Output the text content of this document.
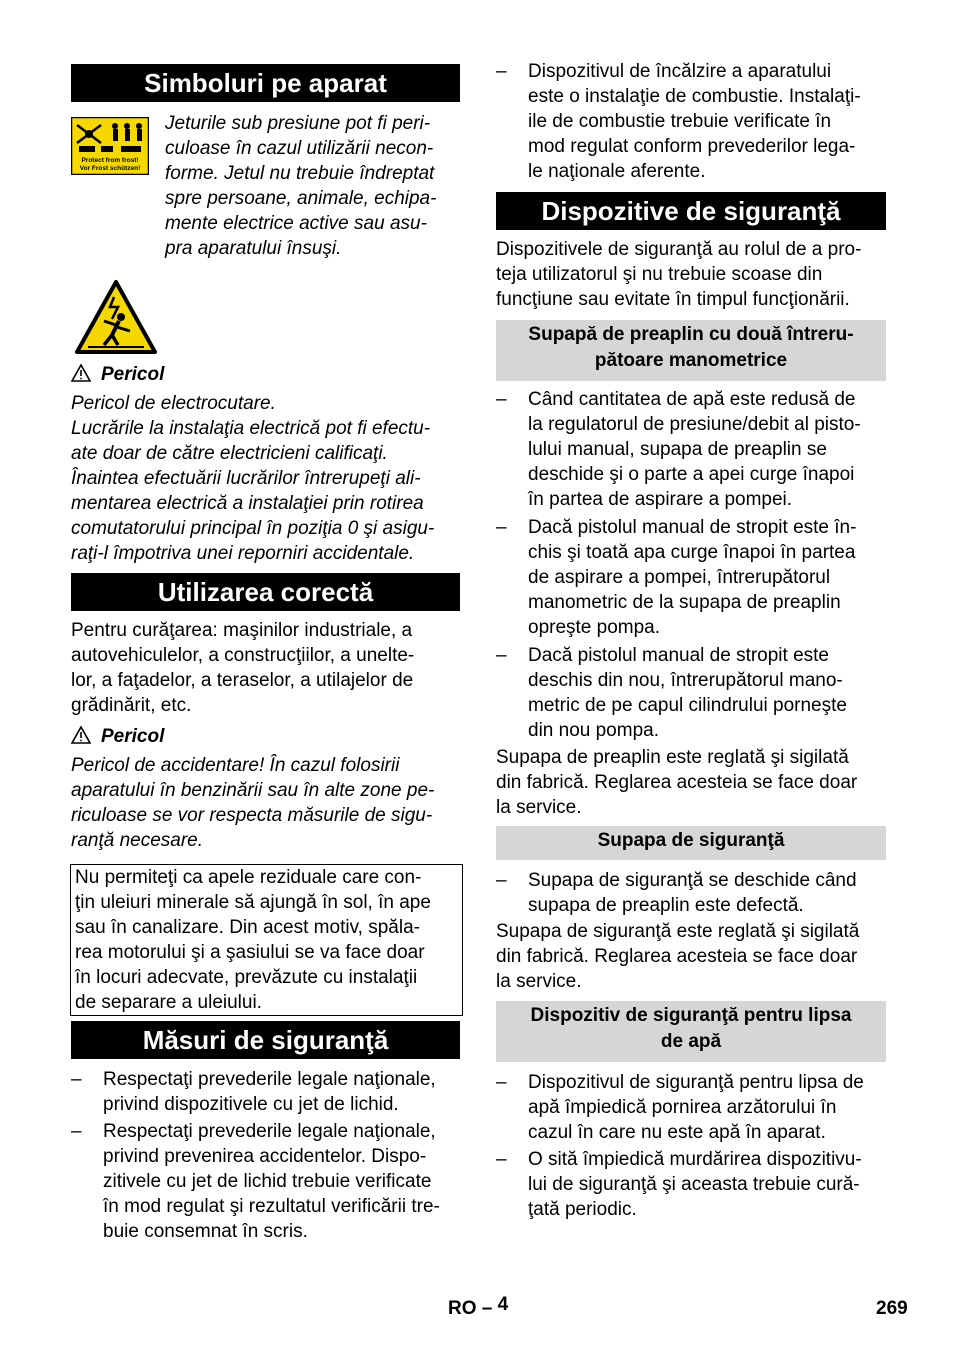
Simboluri pe aparat
Protect from frost!
Vor Frost schützen!

Jeturile sub presiune pot fi peri-
culoase în cazul utilizării necon-
forme. Jetul nu trebuie îndreptat
spre persoane, animale, echipa-
mente electrice active sau asu-
pra aparatului însuşi.

Pericol

Pericol de electrocutare.
Lucrările la instalaţia electrică pot fi efectu-
ate doar de către electricieni calificaţi.
Înaintea efectuării lucrărilor întrerupeţi ali-
mentarea electrică a instalaţiei prin rotirea
comutatorului principal în poziţia 0 şi asigu-
raţi-l împotriva unei reporniri accidentale.

Utilizarea corectă

Pentru curăţarea: maşinilor industriale, a
autovehiculelor, a construcţiilor, a unelte-
lor, a faţadelor, a teraselor, a utilajelor de
grădinărit, etc.

Pericol

Pericol de accidentare! În cazul folosirii
aparatului în benzinării sau în alte zone pe-
riculoase se vor respecta măsurile de sigu-
ranţă necesare.

Nu permiteţi ca apele reziduale care con-
ţin uleiuri minerale să ajungă în sol, în ape
sau în canalizare. Din acest motiv, spăla-
rea motorului şi a şasiului se va face doar
în locuri adecvate, prevăzute cu instalaţii
de separare a uleiului.
Măsuri de siguranţă
–	Respectaţi prevederile legale naţionale,
privind dispozitivele cu jet de lichid.
–	Respectaţi prevederile legale naţionale,
privind prevenirea accidentelor. Dispo-
zitivele cu jet de lichid trebuie verificate
în mod regulat şi rezultatul verificării tre-
buie consemnat în scris.
–	Dispozitivul de încălzire a aparatului
este o instalaţie de combustie. Instalaţi-
ile de combustie trebuie verificate în
mod regulat conform prevederilor lega-
le naţionale aferente.
Dispozitive de siguranţă

Dispozitivele de siguranţă au rolul de a pro-
teja utilizatorul şi nu trebuie scoase din
funcţiune sau evitate în timpul funcţionării.

Supapă de preaplin cu două întreru-
pătoare manometrice
–	Când cantitatea de apă este redusă de
la regulatorul de presiune/debit al pisto-
lului manual, supapa de preaplin se
deschide şi o parte a apei curge înapoi
în partea de aspirare a pompei.
–	Dacă pistolul manual de stropit este în-
chis şi toată apa curge înapoi în partea
de aspirare a pompei, întrerupătorul
manometric de la supapa de preaplin
opreşte pompa.
–	Dacă pistolul manual de stropit este
deschis din nou, întrerupătorul mano-
metric de pe capul cilindrului porneşte
din nou pompa.

Supapa de preaplin este reglată şi sigilată
din fabrică. Reglarea acesteia se face doar
la service.

Supapa de siguranţă
–	Supapa de siguranţă se deschide când
supapa de preaplin este defectă.

Supapa de siguranţă este reglată şi sigilată
din fabrică. Reglarea acesteia se face doar
la service.

Dispozitiv de siguranţă pentru lipsa
de apă
–	Dispozitivul de siguranţă pentru lipsa de
apă împiedică pornirea arzătorului în
cazul în care nu este apă în aparat.
–	O sită împiedică murdărirea dispozitivu-
lui de siguranţă şi aceasta trebuie cură-
ţată periodic.
RO – 4	269
